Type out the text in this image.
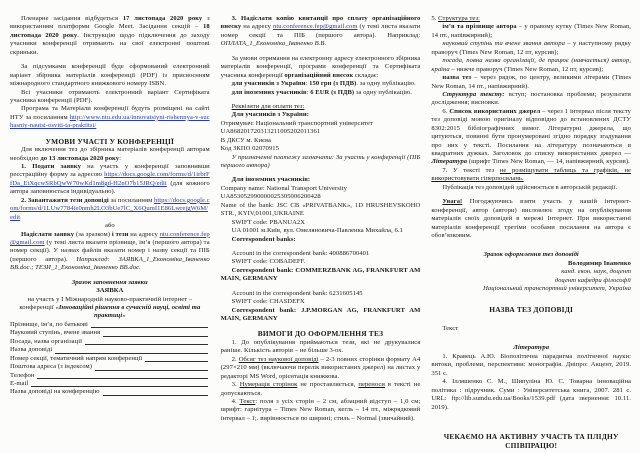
Пленарне засідання відбудеться 17 листопада 2020 року з використанням платформи Google Meet. Засідання секцій – 18 листопада 2020 року. Інструкцію щодо підключення до заходу учасники конференції отримають на свої електронні поштові скриньки.
За підсумками конференції буде сформований електронний варіант збірника матеріалів конференції (PDF) із присвоєнням міжнародного стандартного книжкового номеру ISBN.
Всі учасники отримають електронний варіант Сертифіката учасника конференції (PDF).
Програма та Матеріали конференції будуть розміщені на сайті НТУ за посиланням http://www.ntu.edu.ua/innovatsiyni-rishennya-v-suchasniy-nautsi-osviti-ta-praktitsi/
УМОВИ УЧАСТІ У КОНФЕРЕНЦІЇ
Для включення тез до збірника матеріалів конференції авторам необхідно до 13 листопада 2020 року:
1. Подати заявку на участь у конференції заповнивши реєстраційну форму за адресою https://docs.google.com/forms/d/1irbrFfDa_EtXqcwSRbQwW70wKd1m8gd-H2nO7b15JRQ/edit (для кожного автора заповнюється індивідуально).
2. Завантажити тези доповіді за посиланням https://docs.google.com/forms/d/1LUw7784ie0nmh2LO3bUe7lC_X6QumI1E86LwrejgW6M/edit
або
Надіслати заявку (за зразком) і тези на адресу ntu.conference.fep@gmail.com (у темі листа вказати прізвище, ім’я (першого автора) та номер секції). У назвах файлів вказати номер і назву секції та ПІБ (першого автора). Наприклад: ЗАЯВКА_1_Економіка_Іваненко ВВ.doc.; ТЕЗИ_1_Економіка_Іваненко ВВ.doc.
Зразок заповнення заявки
ЗАЯВКА
на участь у І Міжнародній науково-практичній інтернет – конференції «Інноваційні рішення в сучасній науці, освіті та практиці»
Прізвище, ім’я, по батькові
Науковий ступінь, вчене звання
Посада, назва організації
Назва доповіді
Номер секції, тематичний напрям конференції
Поштова адреса (з індексом)
Телефон
E-mail
Назва доповіді на конференцію
3. Надіслати копію квитанції про сплату організаційного внеску на адресу ntu.conference.fep@gmail.com (у темі листа вказати номер секції та ПІБ (першого автора). Наприклад: ОПЛАТА_1_Економіка_Іваненко В.В.
За умови отримання на електронну адресу електронного збірника матеріалів конференції, програми конференції та Сертифіката учасника конференції організаційний внесок складає:
для учасників з України: 150 грн (з ПДВ). за одну публікацію.
для іноземних учасників: 6 EUR (з ПДВ) за одну публікацію.
Реквізити для оплати тез:
Для учасників з України:
Отримувач: Національний транспортний університет
UA868201720313211005202011361
В ДКСУ м. Києва
Код ЗКПО 02070915
У призначенні платежу зазначати: За участь у конференції (ПІБ першого автора)
Для іноземних учасників:
Company name: National Transport University
UA853052990000025305006200428
Name of the bank: JSC CB «PRIVATBANK», 1D HRUSHEVSKOHO STR., KYIV,01001,UKRAINE
SWIFT code: PBANUA2X
UA 01001 м.Київ, вул. Омеляновича-Павленка Михайла, 6.1
Correspondent banks:
Account in the correspondent bank: 400886700401
SWIFT code: COBADEFF.
Correspondent bank: COMMERZBANK AG, FRANKFURT AM MAIN, GERMANY
Account in the correspondent bank: 6231605145
SWIFT code: CHASDEFX
Correspondent bank: J.P.MORGAN AG, FRANKFURT AM MAIN, GERMANY
ВИМОГИ ДО ОФОРМЛЕННЯ ТЕЗ
1. До опублікування приймаються тези, які не друкувалися раніше. Кількість авторів – не більше 3-ох.
2. Обсяг тез наукової доповіді – 2-3 повних сторінки формату А4 (297×210 мм) (включаючи перелік використаних джерел) на листах у редакторі MS Word, орієнтація книжкова.
3. Нумерація сторінок не проставляється, переноси в тексті не допускаються.
4. Текст: поля з усіх сторін – 2 см, абзацний відступ – 1,0 см; шрифт: гарнітура – Times New Roman, кегль – 14 пт., міжрядковий інтервал – 1;. вирівнюється по ширині; стиль – Normal (звичайний).
5. Структура тез:
ім’я та прізвище автора – у правому кутку (Times New Roman, 14 пт., напівжирний);
науковий ступінь та вчене звання автора – у наступному рядку праворуч (Times New Roman, 12 пт, курсив);
посада, повна назва організації, де працює (навчається) автор, країна – нижче праворуч (Times New Roman, 12 пт, курсив);
назва тез – через рядок, по центру, великими літерами (Times New Roman, 14 пт., напівжирний).
Структура тексту: вступ; постановка проблеми; результати дослідження; висновки.
6. Список використаних джерел – через 1 інтервал після тексту тез доповіді мовою оригіналу відповідно до встановлених ДСТУ 8302:2015 бібліографічних вимог. Літературні джерела, що цитуються, повинні бути пронумеровані згідно порядку згадування про них у тексті. Посилання на літературу позначаються в квадратних дужках. Заголовок до списку використаних джерел — Література (шрифт Times New Roman, — 14, напівжирний, курсив).
7. У тексті тез не розміщувати таблиць та графіків, не використовувати гіперпосилань.
Публікація тез доповідей здійснюється в авторській редакції.
Увага! Погоджуючись взяти участь у нашій інтернет-конференції, автор (автори) висловлює згоду на опублікування матеріалів своїх доповідей в мережі Інтернет. При використанні матеріалів конференції третіми особами посилання на автора є обов’язковим.
Зразок оформлення тез доповіді
Володимир Іваненко
канд. екон. наук, доцент
доцент кафедри філософії
Національний транспортний університет, Україна
НАЗВА ТЕЗ ДОПОВІДІ
Текст
Література
1. Кравець А.Ю. Біополітична парадигма політичної науки: витоки, проблеми, перспективи: монографія. Дніпро: Акцент, 2019. 351 с.
4. Ілляшенко С. М., Шипуліна Ю. С. Товарна інноваційна політика : підручник. Суми : Університетська книга, 2007. 281 с. URL: ftp://lib.sumdu.edu.ua/Books/1539.pdf (дата звернення: 10.11. 2019).
ЧЕКАЄМО НА АКТИВНУ УЧАСТЬ ТА ПЛІДНУ СПІВПРАЦЮ!
